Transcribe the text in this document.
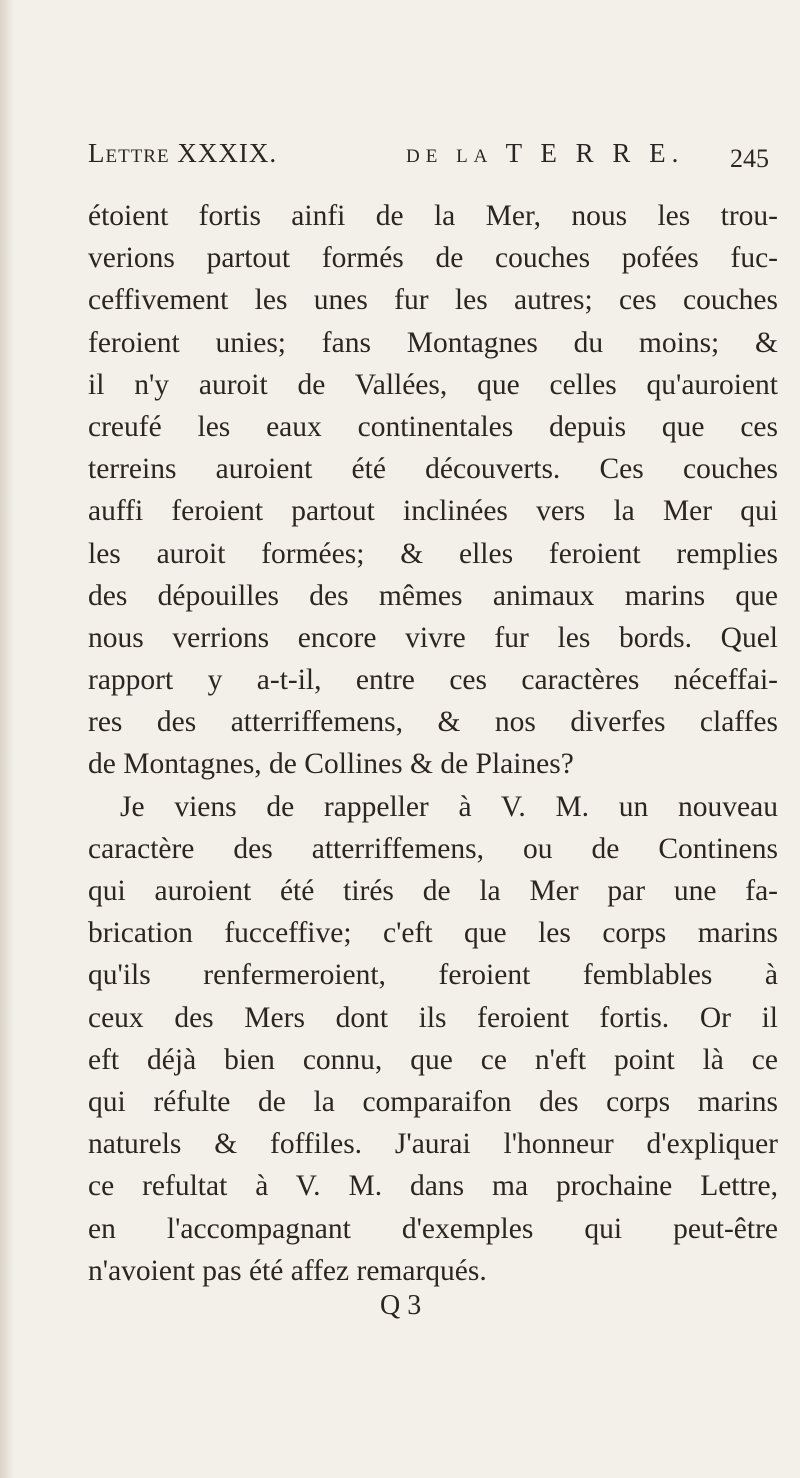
Lettre XXXIX.	de la T E R R E. 245
étoient fortis ainfi de la Mer, nous les trou-
verions partout formés de couches pofées fuc-
ceffivement les unes fur les autres; ces couches
feroient unies; fans Montagnes du moins; &
il n'y auroit de Vallées, que celles qu'auroient
creufé les eaux continentales depuis que ces
terreins auroient été découverts. Ces couches
auffi feroient partout inclinées vers la Mer qui
les auroit formées; & elles feroient remplies
des dépouilles des mêmes animaux marins que
nous verrions encore vivre fur les bords. Quel
rapport y a-t-il, entre ces caractères néceffai-
res des atterriffemens, & nos diverfes claffes
de Montagnes, de Collines & de Plaines?
Je viens de rappeller à V. M. un nouveau
caractère des atterriffemens, ou de Continens
qui auroient été tirés de la Mer par une fa-
brication fucceffive; c'eft que les corps marins
qu'ils renfermeroient, feroient femblables à
ceux des Mers dont ils feroient fortis. Or il
eft déjà bien connu, que ce n'eft point là ce
qui réfulte de la comparaifon des corps marins
naturels & foffiles. J'aurai l'honneur d'expliquer
ce refultat à V. M. dans ma prochaine Lettre,
en l'accompagnant d'exemples qui peut-être
n'avoient pas été affez remarqués.
Q 3
